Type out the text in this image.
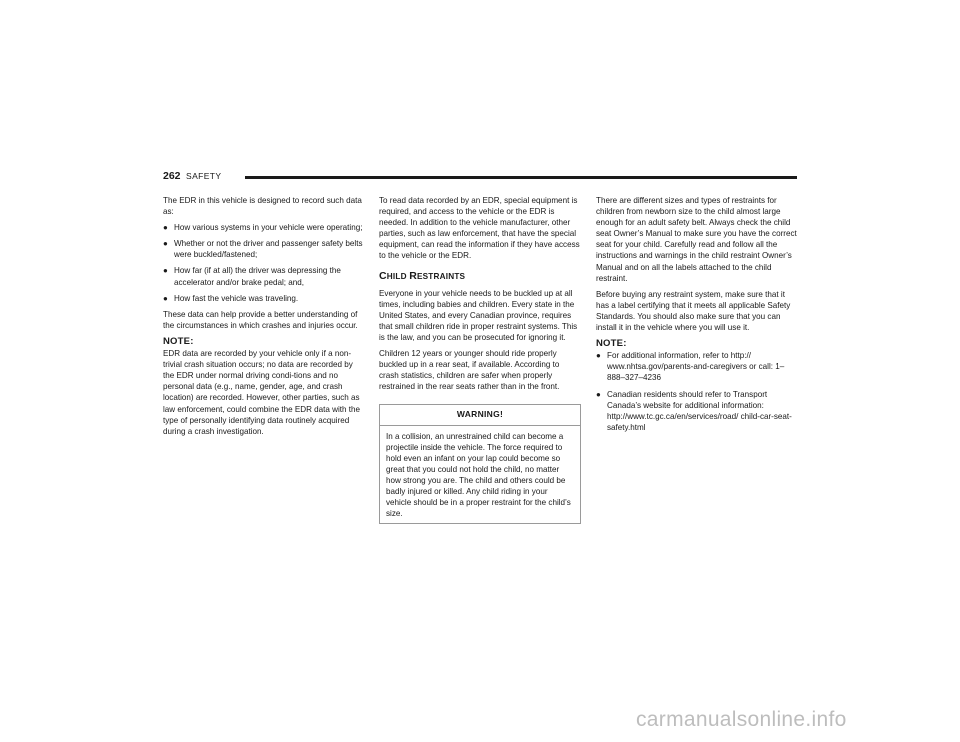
262 SAFETY

The EDR in this vehicle is designed to record such data as:

● How various systems in your vehicle were operating;
● Whether or not the driver and passenger safety belts were buckled/fastened;
● How far (if at all) the driver was depressing the accelerator and/or brake pedal; and,
● How fast the vehicle was traveling.

These data can help provide a better understanding of the circumstances in which crashes and injuries occur.

NOTE:

EDR data are recorded by your vehicle only if a non-trivial crash situation occurs; no data are recorded by the EDR under normal driving condi-tions and no personal data (e.g., name, gender, age, and crash location) are recorded. However, other parties, such as law enforcement, could combine the EDR data with the type of personally identifying data routinely acquired during a crash investigation.

To read data recorded by an EDR, special equipment is required, and access to the vehicle or the EDR is needed. In addition to the vehicle manufacturer, other parties, such as law enforcement, that have the special equipment, can read the information if they have access to the vehicle or the EDR.

CHILD RESTRAINTS

Everyone in your vehicle needs to be buckled up at all times, including babies and children. Every state in the United States, and every Canadian province, requires that small children ride in proper restraint systems. This is the law, and you can be prosecuted for ignoring it.

Children 12 years or younger should ride properly buckled up in a rear seat, if available. According to crash statistics, children are safer when properly restrained in the rear seats rather than in the front.

WARNING!
In a collision, an unrestrained child can become a projectile inside the vehicle. The force required to hold even an infant on your lap could become so great that you could not hold the child, no matter how strong you are. The child and others could be badly injured or killed. Any child riding in your vehicle should be in a proper restraint for the child’s size.

There are different sizes and types of restraints for children from newborn size to the child almost large enough for an adult safety belt. Always check the child seat Owner’s Manual to make sure you have the correct seat for your child. Carefully read and follow all the instructions and warnings in the child restraint Owner’s Manual and on all the labels attached to the child restraint.

Before buying any restraint system, make sure that it has a label certifying that it meets all applicable Safety Standards. You should also make sure that you can install it in the vehicle where you will use it.

NOTE:
● For additional information, refer to http:// www.nhtsa.gov/parents-and-caregivers or call: 1–888–327–4236
● Canadian residents should refer to Transport Canada’s website for additional information: http://www.tc.gc.ca/en/services/road/ child-car-seat-safety.html
carmanualsonline.info
